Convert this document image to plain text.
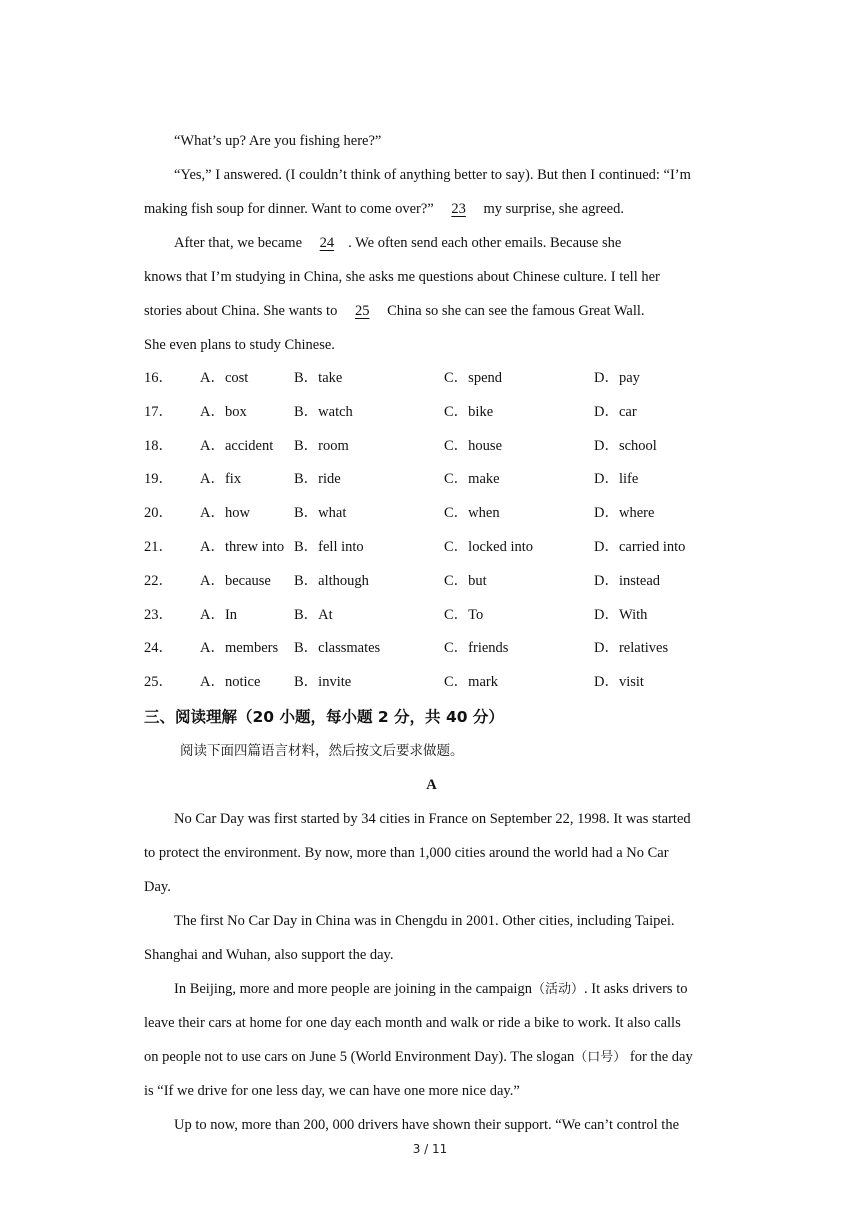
“What’s up? Are you fishing here?”
“Yes,” I answered. (I couldn’t think of anything better to say). But then I continued: “I’m
making fish soup for dinner. Want to come over?” 23 my surprise, she agreed.
After that, we became 24 . We often send each other emails. Because she
knows that I’m studying in China, she asks me questions about Chinese culture. I tell her
stories about China. She wants to 25 China so she can see the famous Great Wall.
She even plans to study Chinese.
16． A．cost	B．take	C．spend	D．pay
17． A．box	B．watch	C．bike	D．car
18． A．accident B．room	C．house	D．school
19． A．fix	B．ride	C．make	D．life
20． A．how	B．what	C．when	D．where
21． A．threw into B．fell into	C．locked into	D．carried into
22． A．because B．although	C．but	D．instead
23． A．In	B．At	C．To	D．With
24． A．members B．classmates	C．friends	D．relatives
25． A．notice B．invite	C．mark	D．visit
三、阅读理解（20 小题，每小题 2 分，共 40 分）
阅读下面四篇语言材料，然后按文后要求做题。
A
No Car Day was first started by 34 cities in France on September 22, 1998. It was started
to protect the environment. By now, more than 1,000 cities around the world had a No Car
Day.
The first No Car Day in China was in Chengdu in 2001. Other cities, including Taipei.
Shanghai and Wuhan, also support the day.
In Beijing, more and more people are joining in the campaign（活动）. It asks drivers to
leave their cars at home for one day each month and walk or ride a bike to work. It also calls
on people not to use cars on June 5 (World Environment Day). The slogan（口号） for the day
is “If we drive for one less day, we can have one more nice day.”
Up to now, more than 200, 000 drivers have shown their support. “We can’t control the
3 / 11
